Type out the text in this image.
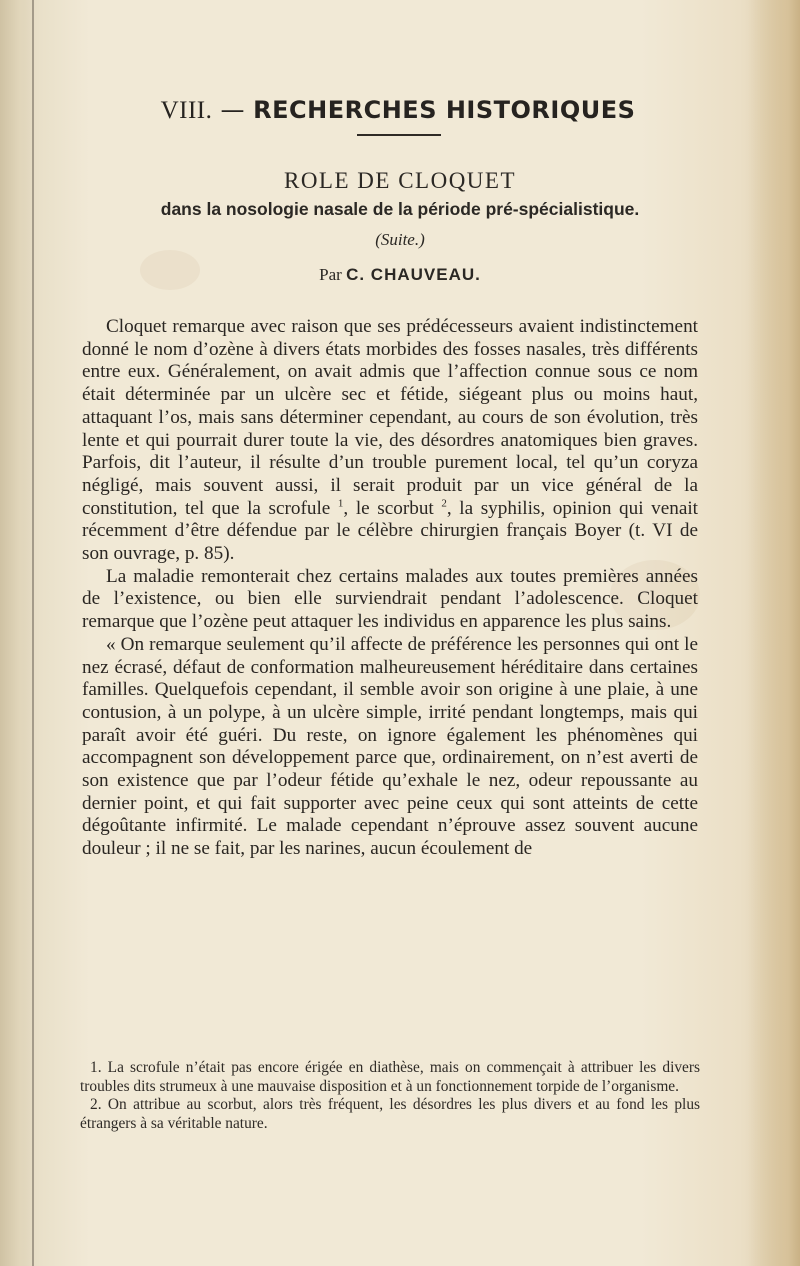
VIII. — RECHERCHES HISTORIQUES
ROLE DE CLOQUET
dans la nosologie nasale de la période pré-spécialistique.
(Suite.)
Par C. CHAUVEAU.

Cloquet remarque avec raison que ses prédécesseurs avaient indistinctement donné le nom d’ozène à divers états morbides des fosses nasales, très différents entre eux. Généralement, on avait admis que l’affection connue sous ce nom était déterminée par un ulcère sec et fétide, siégeant plus ou moins haut, attaquant l’os, mais sans déterminer cependant, au cours de son évolution, très lente et qui pourrait durer toute la vie, des désordres anatomiques bien graves. Parfois, dit l’auteur, il résulte d’un trouble purement local, tel qu’un coryza négligé, mais souvent aussi, il serait produit par un vice général de la constitution, tel que la scrofule $^1$, le scorbut $^2$, la syphilis, opinion qui venait récemment d’être défendue par le célèbre chirurgien français Boyer (t. VI de son ouvrage, p. 85).

La maladie remonterait chez certains malades aux toutes premières années de l’existence, ou bien elle surviendrait pendant l’adolescence. Cloquet remarque que l’ozène peut attaquer les individus en apparence les plus sains.

« On remarque seulement qu’il affecte de préférence les personnes qui ont le nez écrasé, défaut de conformation malheureusement héréditaire dans certaines familles. Quelquefois cependant, il semble avoir son origine à une plaie, à une contusion, à un polype, à un ulcère simple, irrité pendant longtemps, mais qui paraît avoir été guéri. Du reste, on ignore également les phénomènes qui accompagnent son développement parce que, ordinairement, on n’est averti de son existence que par l’odeur fétide qu’exhale le nez, odeur repoussante au dernier point, et qui fait supporter avec peine ceux qui sont atteints de cette dégoûtante infirmité. Le malade cependant n’éprouve assez souvent aucune douleur ; il ne se fait, par les narines, aucun écoulement de

1. La scrofule n’était pas encore érigée en diathèse, mais on commençait à attribuer les divers troubles dits strumeux à une mauvaise disposition et à un fonctionnement torpide de l’organisme.

2. On attribue au scorbut, alors très fréquent, les désordres les plus divers et au fond les plus étrangers à sa véritable nature.
